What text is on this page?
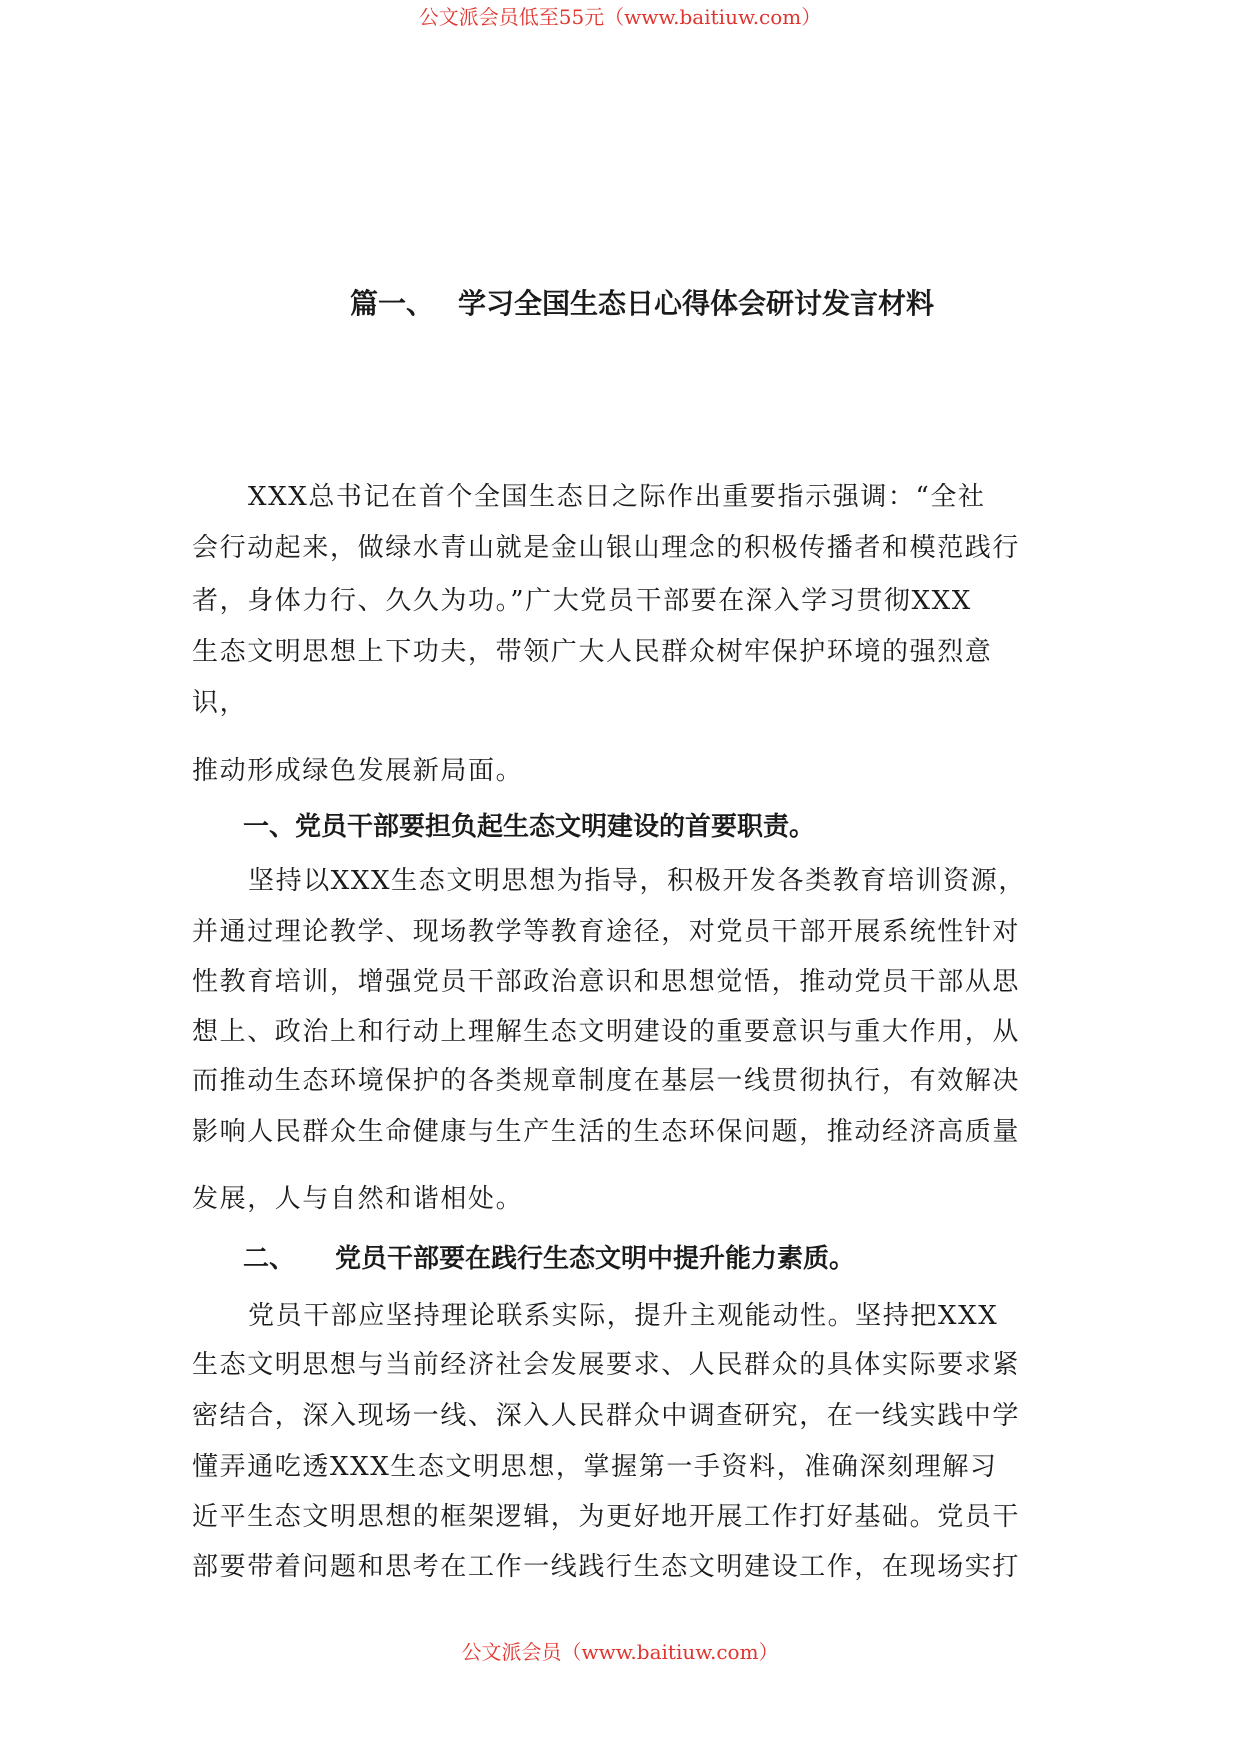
公文派会员低至55元（www.baitiuw.com）
篇一、 学习全国生态日心得体会研讨发言材料
XXX总书记在首个全国生态日之际作出重要指示强调：“全社
会行动起来，做绿水青山就是金山银山理念的积极传播者和模范践行
者，身体力行、久久为功。”广大党员干部要在深入学习贯彻XXX
生态文明思想上下功夫，带领广大人民群众树牢保护环境的强烈意
识，
推动形成绿色发展新局面。
一、党员干部要担负起生态文明建设的首要职责。
坚持以XXX生态文明思想为指导，积极开发各类教育培训资源，
并通过理论教学、现场教学等教育途径，对党员干部开展系统性针对
性教育培训，增强党员干部政治意识和思想觉悟，推动党员干部从思
想上、政治上和行动上理解生态文明建设的重要意识与重大作用，从
而推动生态环境保护的各类规章制度在基层一线贯彻执行，有效解决
影响人民群众生命健康与生产生活的生态环保问题，推动经济高质量
发展，人与自然和谐相处。
二、 党员干部要在践行生态文明中提升能力素质。
党员干部应坚持理论联系实际，提升主观能动性。坚持把XXX
生态文明思想与当前经济社会发展要求、人民群众的具体实际要求紧
密结合，深入现场一线、深入人民群众中调查研究，在一线实践中学
懂弄通吃透XXX生态文明思想，掌握第一手资料，准确深刻理解习
近平生态文明思想的框架逻辑，为更好地开展工作打好基础。党员干
部要带着问题和思考在工作一线践行生态文明建设工作，在现场实打
公文派会员（www.baitiuw.com）
